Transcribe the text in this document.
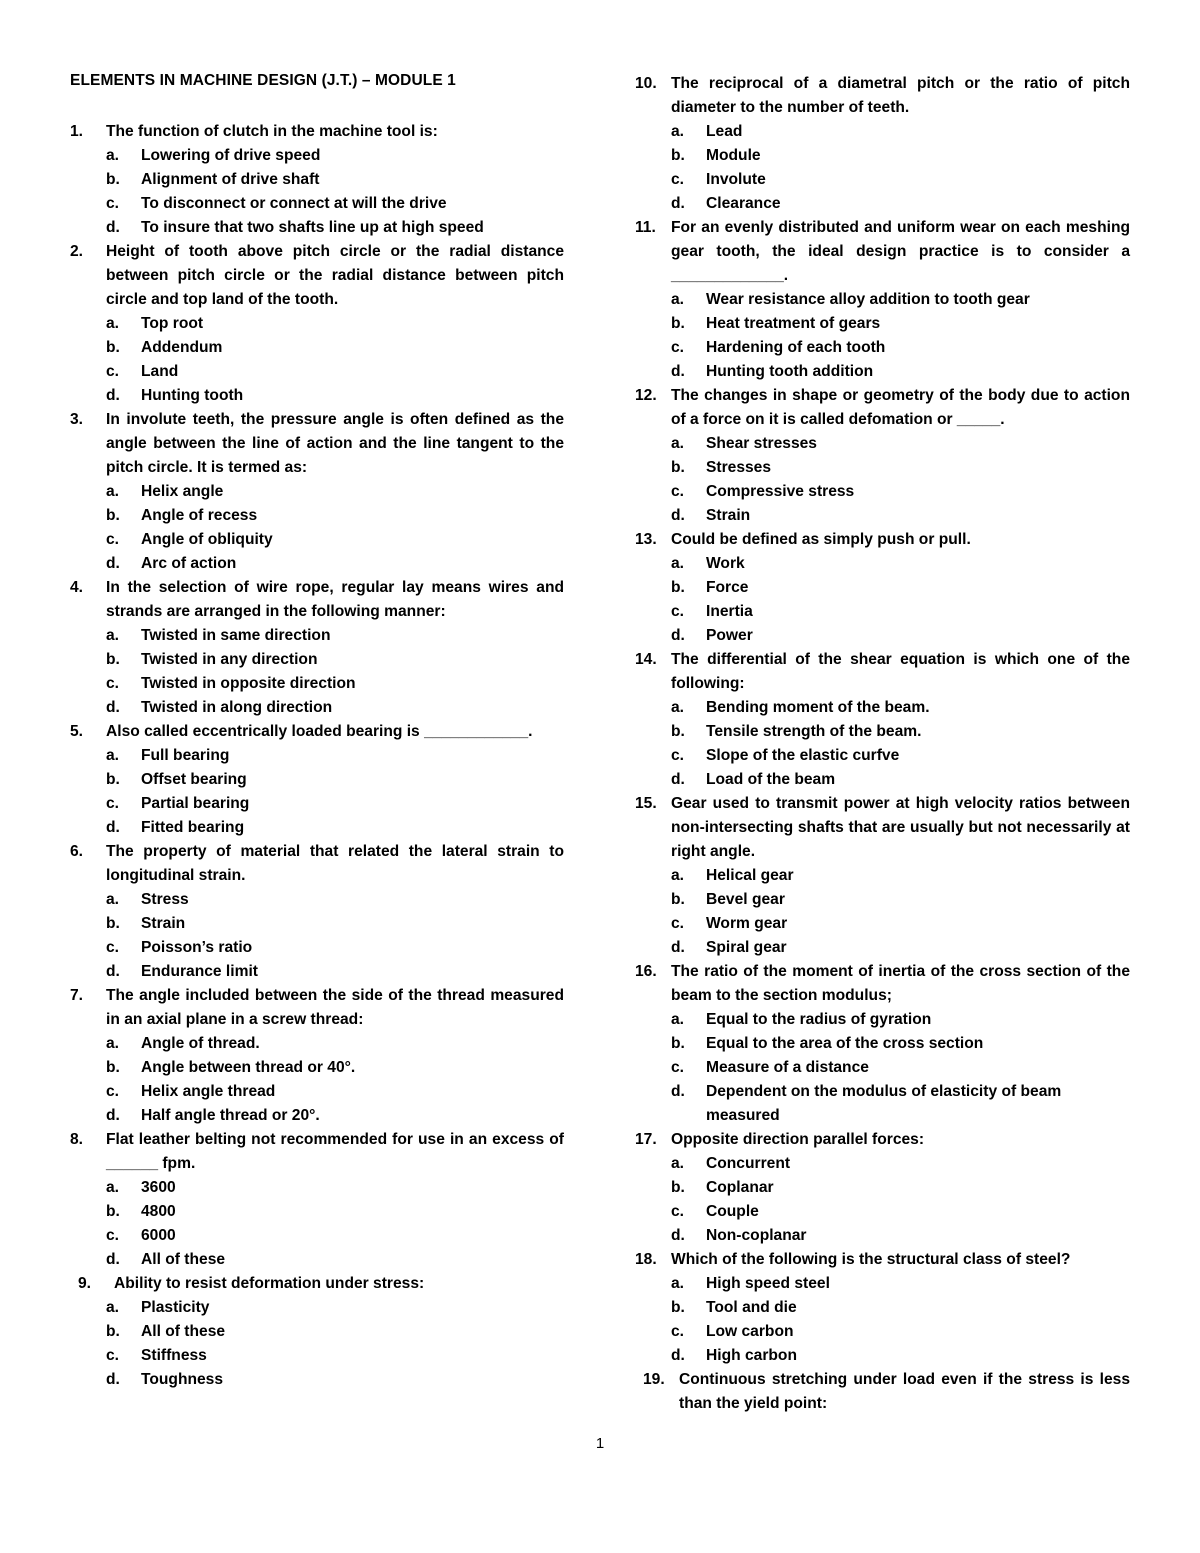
ELEMENTS IN MACHINE DESIGN (J.T.) – MODULE 1
1.	The function of clutch in the machine tool is:
a. Lowering of drive speed
b. Alignment of drive shaft
c. To disconnect or connect at will the drive
d. To insure that two shafts line up at high speed
2.	Height of tooth above pitch circle or the radial distance between pitch circle or the radial distance between pitch circle and top land of the tooth.
a. Top root
b. Addendum
c. Land
d. Hunting tooth
3.	In involute teeth, the pressure angle is often defined as the angle between the line of action and the line tangent to the pitch circle. It is termed as:
a. Helix angle
b. Angle of recess
c. Angle of obliquity
d. Arc of action
4.	In the selection of wire rope, regular lay means wires and strands are arranged in the following manner:
a. Twisted in same direction
b. Twisted in any direction
c. Twisted in opposite direction
d. Twisted in along direction
5.	Also called eccentrically loaded bearing is ____________.
a. Full bearing
b. Offset bearing
c. Partial bearing
d. Fitted bearing
6.	The property of material that related the lateral strain to longitudinal strain.
a. Stress
b. Strain
c. Poisson’s ratio
d. Endurance limit
7.	The angle included between the side of the thread measured in an axial plane in a screw thread:
a. Angle of thread.
b. Angle between thread or 40°.
c. Helix angle thread
d. Half angle thread or 20°.
8.	Flat leather belting not recommended for use in an excess of ______ fpm.
a. 3600
b. 4800
c. 6000
d. All of these
9.	Ability to resist deformation under stress:
a. Plasticity
b. All of these
c. Stiffness
d. Toughness
10. The reciprocal of a diametral pitch or the ratio of pitch diameter to the number of teeth.
a. Lead
b. Module
c. Involute
d. Clearance
11. For an evenly distributed and uniform wear on each meshing gear tooth, the ideal design practice is to consider a _____________.
a. Wear resistance alloy addition to tooth gear
b. Heat treatment of gears
c. Hardening of each tooth
d. Hunting tooth addition
12. The changes in shape or geometry of the body due to action of a force on it is called defomation or _____.
a. Shear stresses
b. Stresses
c. Compressive stress
d. Strain
13. Could be defined as simply push or pull.
a. Work
b. Force
c. Inertia
d. Power
14. The differential of the shear equation is which one of the following:
a. Bending moment of the beam.
b. Tensile strength of the beam.
c. Slope of the elastic curfve
d. Load of the beam
15. Gear used to transmit power at high velocity ratios between non-intersecting shafts that are usually but not necessarily at right angle.
a. Helical gear
b. Bevel gear
c. Worm gear
d. Spiral gear
16. The ratio of the moment of inertia of the cross section of the beam to the section modulus;
a. Equal to the radius of gyration
b. Equal to the area of the cross section
c. Measure of a distance
d. Dependent on the modulus of elasticity of beam measured
17. Opposite direction parallel forces:
a. Concurrent
b. Coplanar
c. Couple
d. Non-coplanar
18. Which of the following is the structural class of steel?
a. High speed steel
b. Tool and die
c. Low carbon
d. High carbon
19. Continuous stretching under load even if the stress is less than the yield point:
1
